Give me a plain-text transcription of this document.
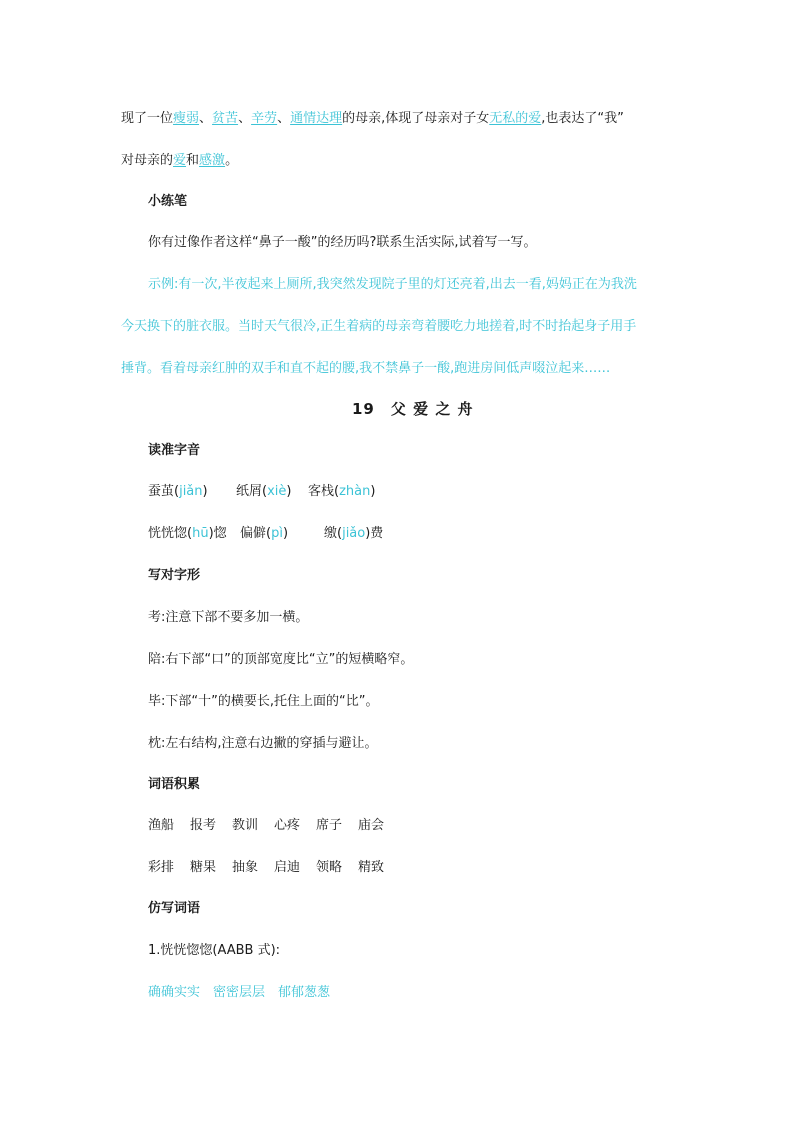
现了一位瘦弱、贫苦、辛劳、通情达理的母亲,体现了母亲对子女无私的爱,也表达了“我”
对母亲的爱和感激。
小练笔
你有过像作者这样“鼻子一酸”的经历吗?联系生活实际,试着写一写。
示例:有一次,半夜起来上厕所,我突然发现院子里的灯还亮着,出去一看,妈妈正在为我洗
今天换下的脏衣服。当时天气很冷,正生着病的母亲弯着腰吃力地搓着,时不时抬起身子用手
捶背。看着母亲红肿的双手和直不起的腰,我不禁鼻子一酸,跑进房间低声啜泣起来……
19　父 爱 之 舟
读准字音
蚕茧(jiǎn) 纸屑(xiè) 客栈(zhàn)
恍恍惚(hū)惚 偏僻(pì)	缴(jiǎo)费
写对字形
考:注意下部不要多加一横。
陪:右下部“口”的顶部宽度比“立”的短横略窄。
毕:下部“十”的横要长,托住上面的“比”。
枕:左右结构,注意右边撇的穿插与避让。
词语积累
渔船 报考 教训 心疼 席子 庙会
彩排 糖果 抽象 启迪 领略 精致
仿写词语
1.恍恍惚惚(AABB 式):
确确实实　密密层层　郁郁葱葱
